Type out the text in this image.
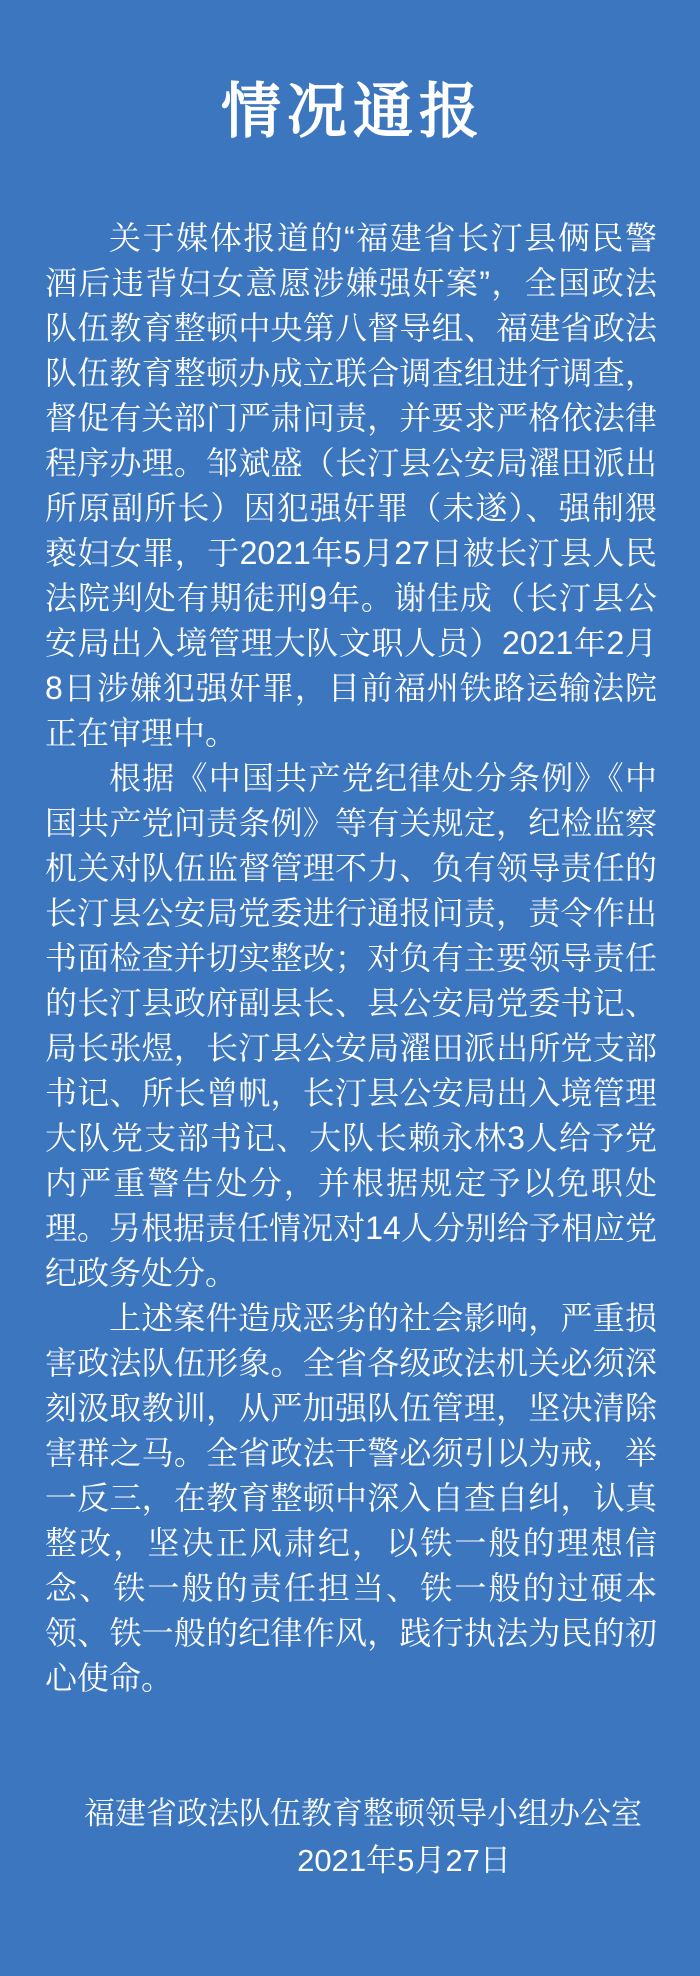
情况通报

关于媒体报道的“福建省长汀县俩民警酒后违背妇女意愿涉嫌强奸案”，全国政法队伍教育整顿中央第八督导组、福建省政法队伍教育整顿办成立联合调查组进行调查，督促有关部门严肃问责，并要求严格依法律程序办理。邹斌盛（长汀县公安局濯田派出所原副所长）因犯强奸罪（未遂）、强制猥亵妇女罪，于2021年5月27日被长汀县人民法院判处有期徒刑9年。谢佳成（长汀县公安局出入境管理大队文职人员）2021年2月8日涉嫌犯强奸罪，目前福州铁路运输法院正在审理中。

根据《中国共产党纪律处分条例》《中国共产党问责条例》等有关规定，纪检监察机关对队伍监督管理不力、负有领导责任的长汀县公安局党委进行通报问责，责令作出书面检查并切实整改；对负有主要领导责任的长汀县政府副县长、县公安局党委书记、局长张煜，长汀县公安局濯田派出所党支部书记、所长曾帆，长汀县公安局出入境管理大队党支部书记、大队长赖永林3人给予党内严重警告处分，并根据规定予以免职处理。另根据责任情况对14人分别给予相应党纪政务处分。

上述案件造成恶劣的社会影响，严重损害政法队伍形象。全省各级政法机关必须深刻汲取教训，从严加强队伍管理，坚决清除害群之马。全省政法干警必须引以为戒，举一反三，在教育整顿中深入自查自纠，认真整改，坚决正风肃纪，以铁一般的理想信念、铁一般的责任担当、铁一般的过硬本领、铁一般的纪律作风，践行执法为民的初心使命。

福建省政法队伍教育整顿领导小组办公室
2021年5月27日
